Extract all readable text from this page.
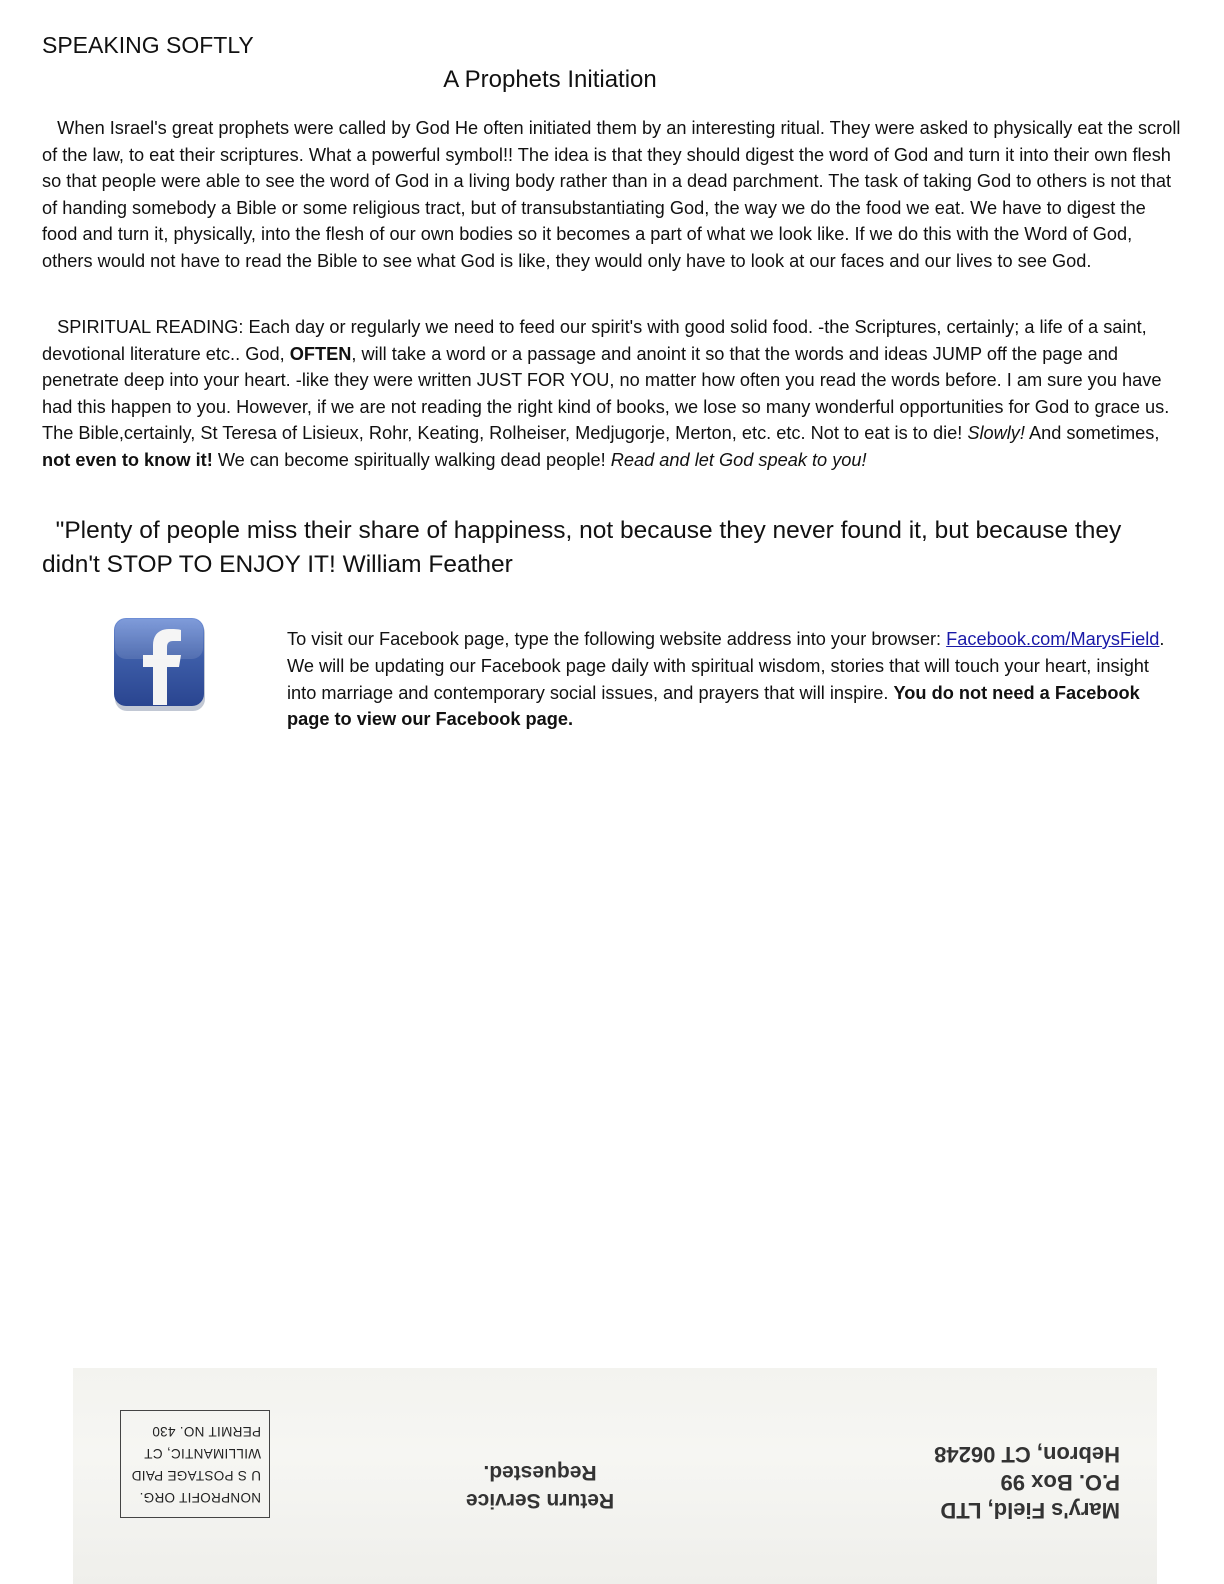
SPEAKING SOFTLY
A Prophets Initiation

When Israel's great prophets were called by God He often initiated them by an interesting ritual. They were asked to physically eat the scroll of the law, to eat their scriptures. What a powerful symbol!! The idea is that they should digest the word of God and turn it into their own flesh so that people were able to see the word of God in a living body rather than in a dead parchment. The task of taking God to others is not that of handing somebody a Bible or some religious tract, but of transubstantiating God, the way we do the food we eat. We have to digest the food and turn it, physically, into the flesh of our own bodies so it becomes a part of what we look like. If we do this with the Word of God, others would not have to read the Bible to see what God is like, they would only have to look at our faces and our lives to see God.

SPIRITUAL READING: Each day or regularly we need to feed our spirit's with good solid food. -the Scriptures, certainly; a life of a saint, devotional literature etc.. God, OFTEN, will take a word or a passage and anoint it so that the words and ideas JUMP off the page and penetrate deep into your heart. -like they were written JUST FOR YOU, no matter how often you read the words before. I am sure you have had this happen to you. However, if we are not reading the right kind of books, we lose so many wonderful opportunities for God to grace us. The Bible,certainly, St Teresa of Lisieux, Rohr, Keating, Rolheiser, Medjugorje, Merton, etc. etc. Not to eat is to die! Slowly! And sometimes, not even to know it! We can become spiritually walking dead people! Read and let God speak to you!

"Plenty of people miss their share of happiness, not because they never found it, but because they didn't STOP TO ENJOY IT! William Feather

To visit our Facebook page, type the following website address into your browser: Facebook.com/MarysField. We will be updating our Facebook page daily with spiritual wisdom, stories that will touch your heart, insight into marriage and contemporary social issues, and prayers that will inspire. You do not need a Facebook page to view our Facebook page.

NONPROFIT ORG.
U S POSTAGE PAID
WILLIMANTIC, CT
PERMIT NO. 430
Return Service
Requested.
Mary's Field, LTD
P.O. Box 99
Hebron, CT 06248
